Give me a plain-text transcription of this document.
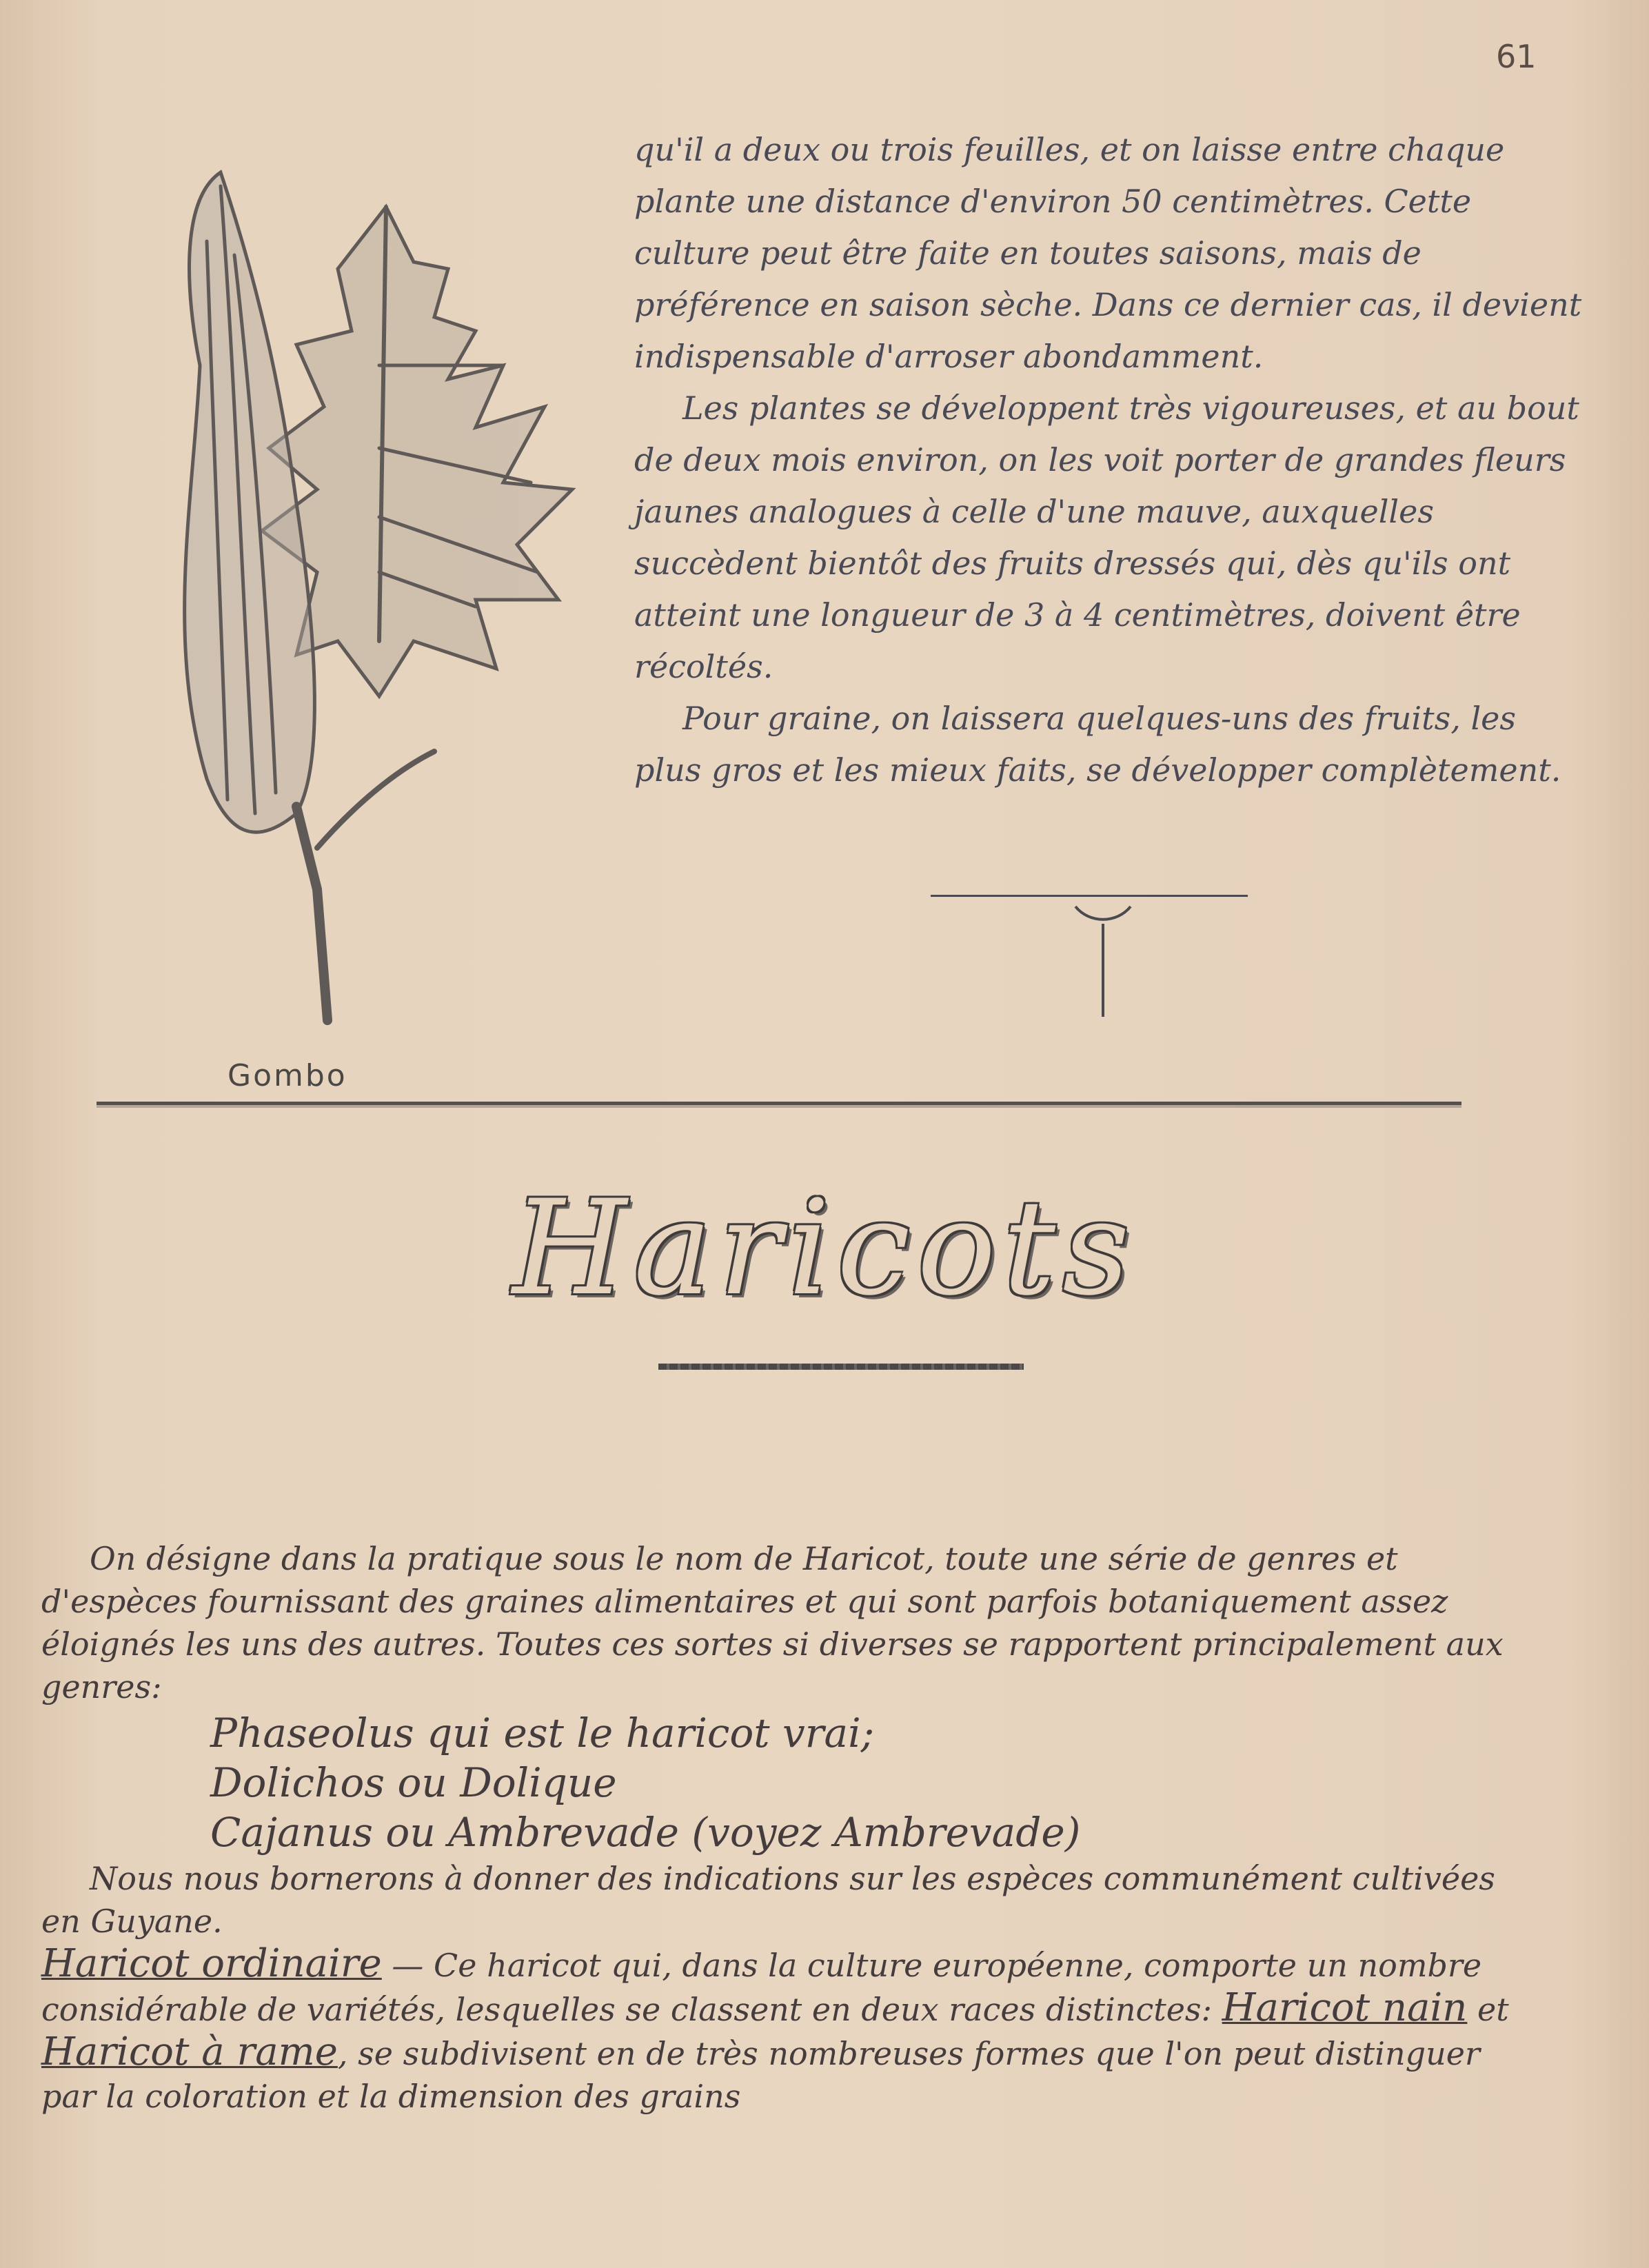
61
Gombo

qu'il a deux ou trois feuilles, et on laisse entre chaque plante une distance d'environ 50 centimètres. Cette culture peut être faite en toutes saisons, mais de préférence en saison sèche. Dans ce dernier cas, il devient indispensable d'arroser abondamment.

Les plantes se développent très vigoureuses, et au bout de deux mois environ, on les voit porter de grandes fleurs jaunes analogues à celle d'une mauve, auxquelles succèdent bientôt des fruits dressés qui, dès qu'ils ont atteint une longueur de 3 à 4 centimètres, doivent être récoltés.

Pour graine, on laissera quelques-uns des fruits, les plus gros et les mieux faits, se développer complètement.

Haricots

On désigne dans la pratique sous le nom de Haricot, toute une série de genres et d'espèces fournissant des graines alimentaires et qui sont parfois botaniquement assez éloignés les uns des autres. Toutes ces sortes si diverses se rapportent principalement aux genres:

Phaseolus qui est le haricot vrai;

Dolichos ou Dolique

Cajanus ou Ambrevade (voyez Ambrevade)

Nous nous bornerons à donner des indications sur les espèces communément cultivées en Guyane.

Haricot ordinaire — Ce haricot qui, dans la culture européenne, comporte un nombre considérable de variétés, lesquelles se classent en deux races distinctes: Haricot nain et Haricot à rame, se subdivisent en de très nombreuses formes que l'on peut distinguer par la coloration et la dimension des grains
